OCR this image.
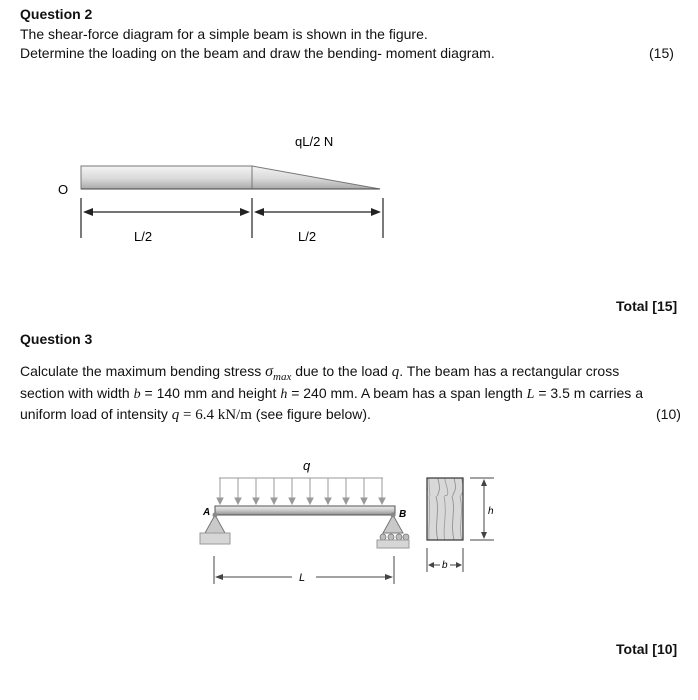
Question 2
The shear-force diagram for a simple beam is shown in the figure.
Determine the loading on the beam and draw the bending- moment diagram.	(15)
qL/2 N
O
L/2	L/2
Total [15]
Question 3
Calculate the maximum bending stress $\sigma_{max}$ due to the load q. The beam has a rectangular cross
section with width b = 140 mm and height h = 240 mm. A beam has a span length L = 3.5 m carries a
uniform load of intensity q = 6.4 kN/m (see figure below).	(10)
q
A	B
L
h
b
Total [10]
